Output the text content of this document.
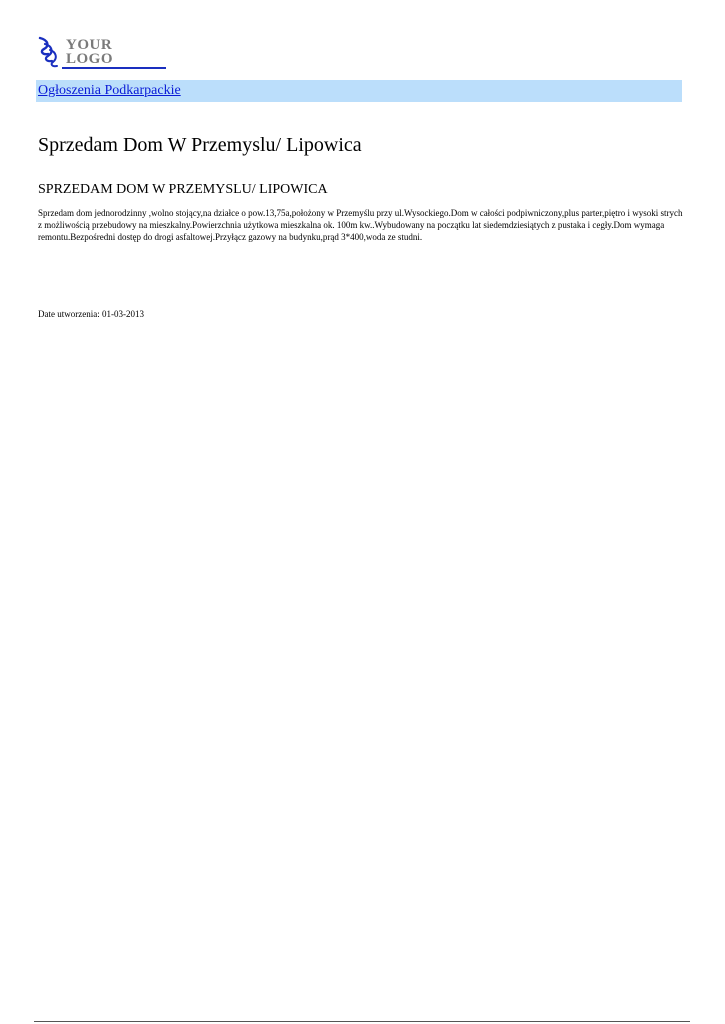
YOUR
LOGO
Ogłoszenia Podkarpackie
Sprzedam Dom W Przemyslu/ Lipowica
SPRZEDAM DOM W PRZEMYSLU/ LIPOWICA

Sprzedam dom jednorodzinny ,wolno stojący,na działce o pow.13,75a,położony w Przemyślu przy ul.Wysockiego.Dom w całości podpiwniczony,plus parter,piętro i wysoki strych z możliwością przebudowy na mieszkalny.Powierzchnia użytkowa mieszkalna ok. 100m kw..Wybudowany na początku lat siedemdziesiątych z pustaka i cegły.Dom wymaga remontu.Bezpośredni dostęp do drogi asfaltowej.Przyłącz gazowy na budynku,prąd 3*400,woda ze studni.

Date utworzenia: 01-03-2013
